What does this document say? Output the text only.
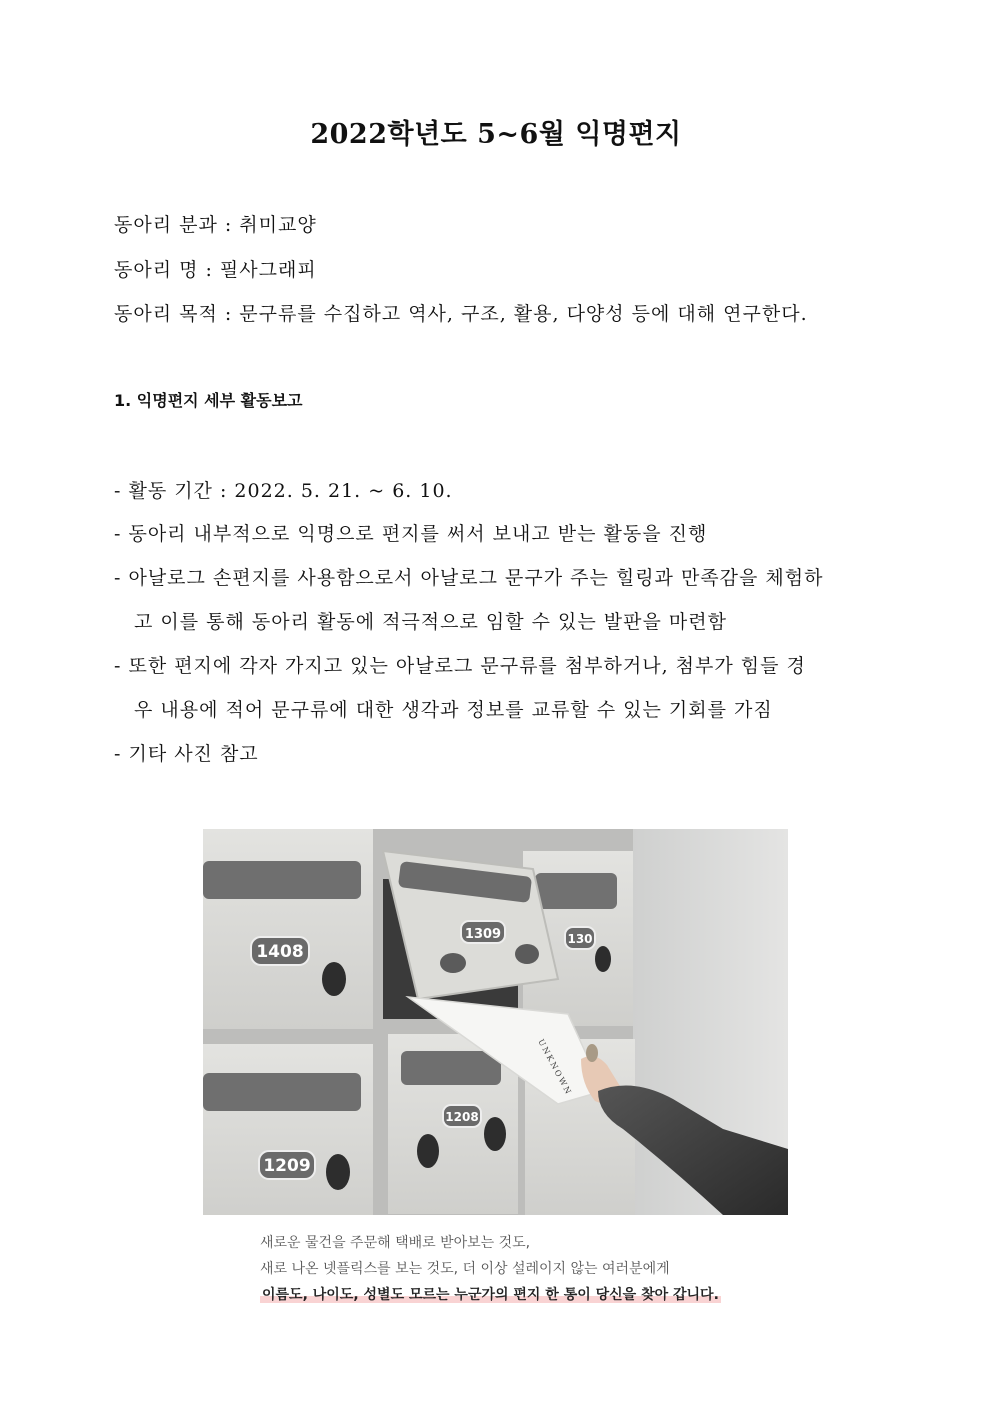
2022학년도 5~6월 익명편지
동아리 분과 : 취미교양
동아리 명 : 필사그래피
동아리 목적 : 문구류를 수집하고 역사, 구조, 활용, 다양성 등에 대해 연구한다.
1. 익명편지 세부 활동보고
- 활동 기간 : 2022. 5. 21. ~ 6. 10.
- 동아리 내부적으로 익명으로 편지를 써서 보내고 받는 활동을 진행
- 아날로그 손편지를 사용함으로서 아날로그 문구가 주는 힐링과 만족감을 체험하
고 이를 통해 동아리 활동에 적극적으로 임할 수 있는 발판을 마련함
- 또한 편지에 각자 가지고 있는 아날로그 문구류를 첨부하거나, 첨부가 힘들 경
우 내용에 적어 문구류에 대한 생각과 정보를 교류할 수 있는 기회를 가짐
- 기타 사진 참고
1408
1309	130
1208
1209
UNKNOWN
새로운 물건을 주문해 택배로 받아보는 것도,
새로 나온 넷플릭스를 보는 것도, 더 이상 설레이지 않는 여러분에게
이름도, 나이도, 성별도 모르는 누군가의 편지 한 통이 당신을 찾아 갑니다.
